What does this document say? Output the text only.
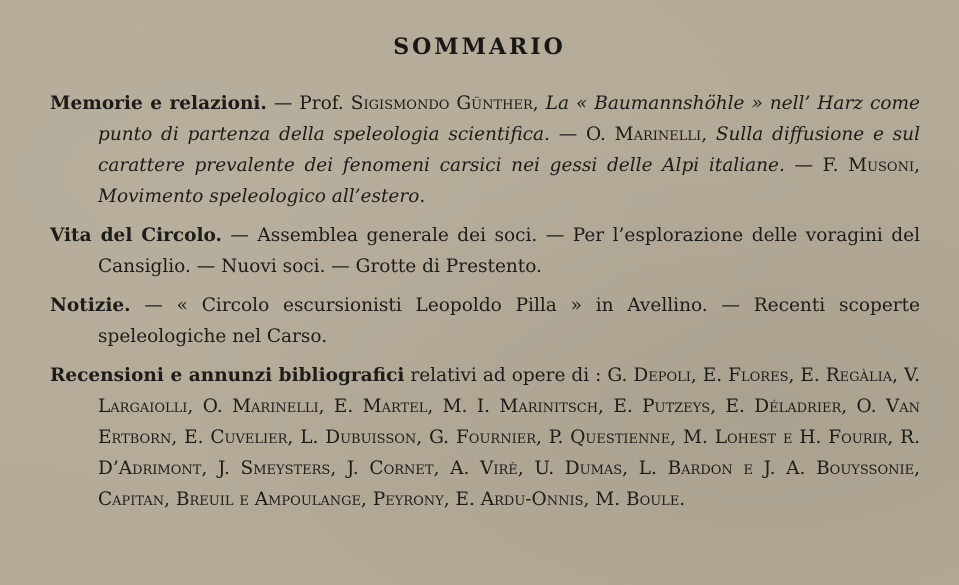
SOMMARIO

Memorie e relazioni. — Prof. Sigismondo Günther, La « Baumannshöhle » nell’ Harz come punto di partenza della speleologia scientifica. — O. Marinelli, Sulla diffusione e sul carattere prevalente dei fenomeni carsici nei gessi delle Alpi italiane. — F. Musoni, Movimento speleologico all’estero.

Vita del Circolo. — Assemblea generale dei soci. — Per l’esplorazione delle voragini del Cansiglio. — Nuovi soci. — Grotte di Prestento.

Notizie. — « Circolo escursionisti Leopoldo Pilla » in Avellino. — Recenti scoperte speleologiche nel Carso.

Recensioni e annunzi bibliografici relativi ad opere di : G. Depoli, E. Flores, E. Regàlia, V. Largaiolli, O. Marinelli, E. Martel, M. I. Marinitsch, E. Putzeys, E. Déladrier, O. Van Ertborn, E. Cuvelier, L. Dubuisson, G. Fournier, P. Questienne, M. Lohest e H. Fourir, R. D’Adrimont, J. Smeysters, J. Cornet, A. Virè, U. Dumas, L. Bardon e J. A. Bouyssonie, Capitan, Breuil e Ampoulange, Peyrony, E. Ardu-Onnis, M. Boule.
